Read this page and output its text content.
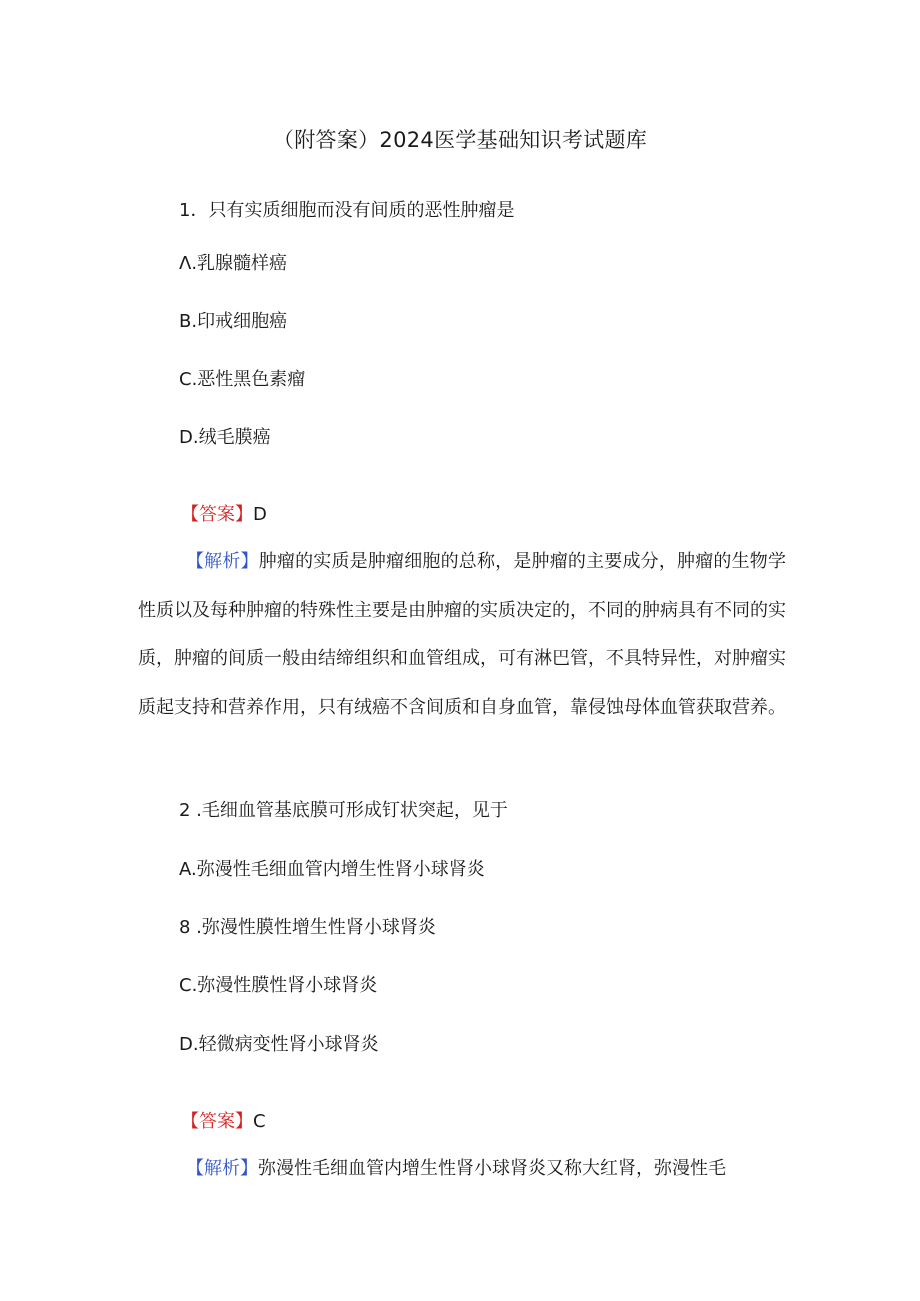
（附答案）2024医学基础知识考试题库
1．只有实质细胞而没有间质的恶性肿瘤是
Λ.乳腺髓样癌
B.印戒细胞癌
C.恶性黑色素瘤
D.绒毛膜癌
【答案】D

【解析】肿瘤的实质是肿瘤细胞的总称，是肿瘤的主要成分，肿瘤的生物学性质以及每种肿瘤的特殊性主要是由肿瘤的实质决定的，不同的肿病具有不同的实质，肿瘤的间质一般由结缔组织和血管组成，可有淋巴管，不具特异性，对肿瘤实质起支持和营养作用，只有绒癌不含间质和自身血管，靠侵蚀母体血管获取营养。

2 .毛细血管基底膜可形成钉状突起，见于
A.弥漫性毛细血管内增生性肾小球肾炎
8 .弥漫性膜性增生性肾小球肾炎
C.弥漫性膜性肾小球肾炎
D.轻微病变性肾小球肾炎
【答案】C

【解析】弥漫性毛细血管内增生性肾小球肾炎又称大红肾，弥漫性毛
